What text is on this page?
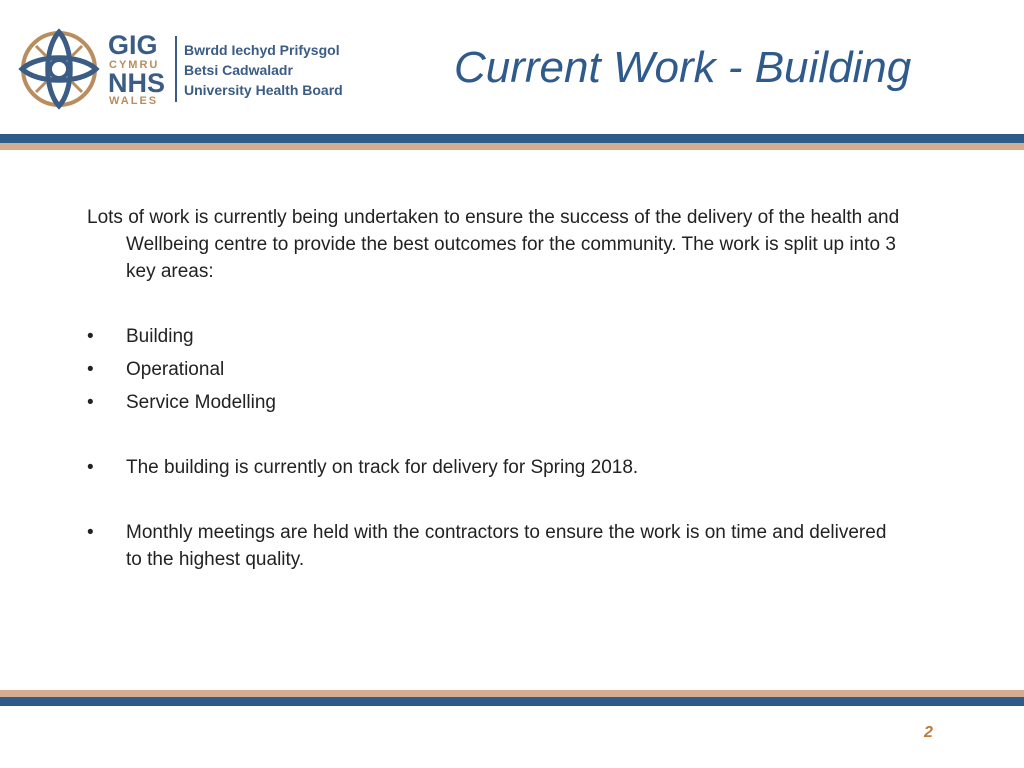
GIG
CYMRU
NHS
WALES
Bwrdd Iechyd Prifysgol
Betsi Cadwaladr
University Health Board	Current Work - Building

Lots of work is currently being undertaken to ensure the success of the delivery of the health and Wellbeing centre to provide the best outcomes for the community. The work is split up into 3 key areas:

•	Building
•	Operational
•	Service Modelling
•	The building is currently on track for delivery for Spring 2018.
•	Monthly meetings are held with the contractors to ensure the work is on time and delivered to the highest quality.
2
